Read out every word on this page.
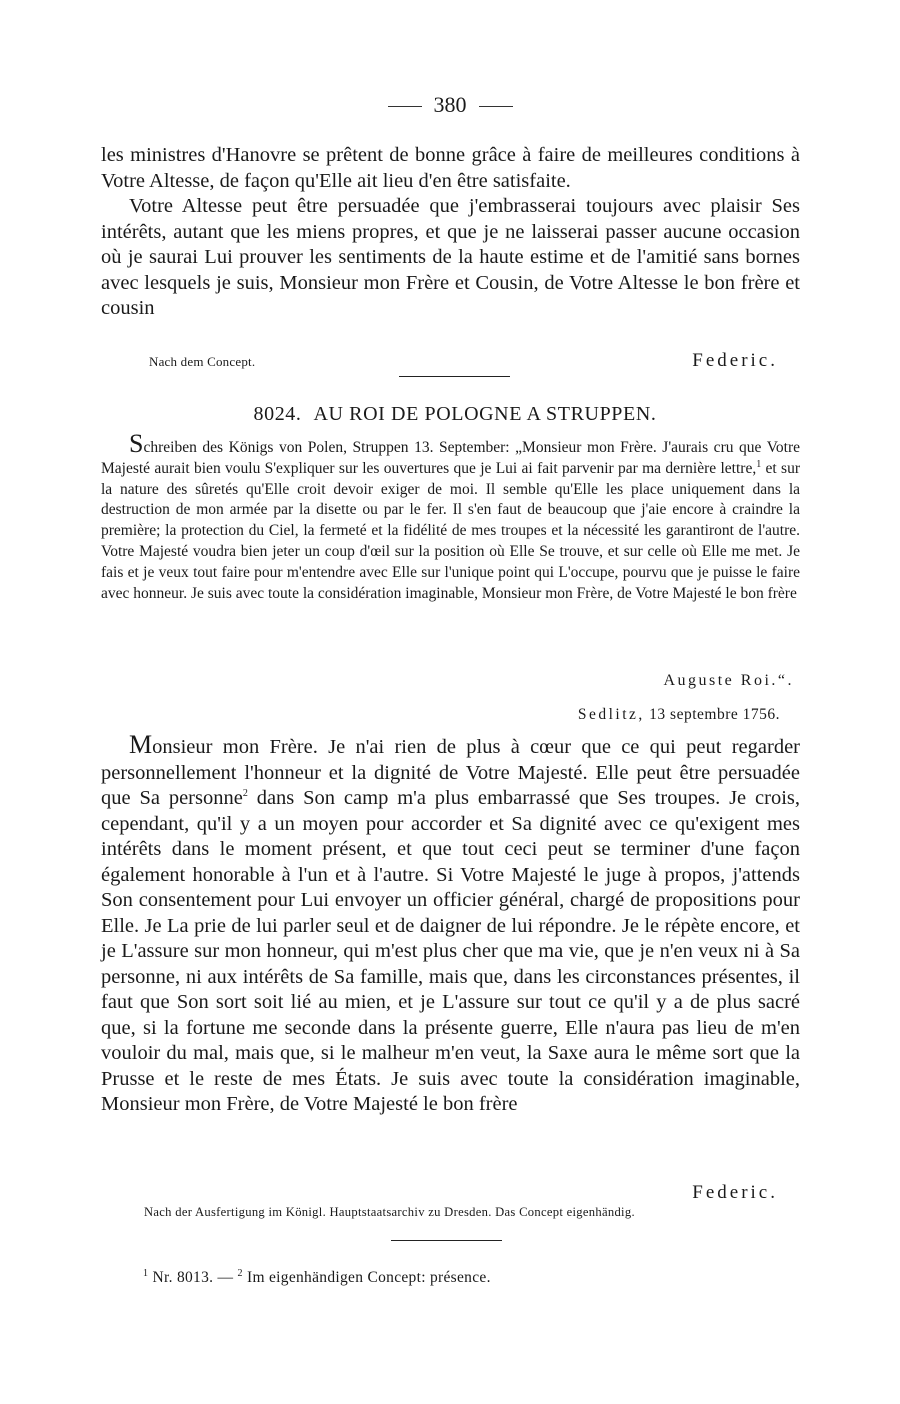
380

les ministres d'Hanovre se prêtent de bonne grâce à faire de meilleures conditions à Votre Altesse, de façon qu'Elle ait lieu d'en être satisfaite.

Votre Altesse peut être persuadée que j'embrasserai toujours avec plaisir Ses intérêts, autant que les miens propres, et que je ne laisserai passer aucune occasion où je saurai Lui prouver les sentiments de la haute estime et de l'amitié sans bornes avec lesquels je suis, Monsieur mon Frère et Cousin, de Votre Altesse le bon frère et cousin

Nach dem Concept.	Federic.
8024. AU ROI DE POLOGNE A STRUPPEN.

Schreiben des Königs von Polen, Struppen 13. September: „Monsieur mon Frère. J'aurais cru que Votre Majesté aurait bien voulu S'expliquer sur les ouvertures que je Lui ai fait parvenir par ma dernière lettre,$^1$ et sur la nature des sûretés qu'Elle croit devoir exiger de moi. Il semble qu'Elle les place uniquement dans la destruction de mon armée par la disette ou par le fer. Il s'en faut de beaucoup que j'aie encore à craindre la première; la protection du Ciel, la fermeté et la fidélité de mes troupes et la nécessité les garantiront de l'autre. Votre Majesté voudra bien jeter un coup d'œil sur la position où Elle Se trouve, et sur celle où Elle me met. Je fais et je veux tout faire pour m'entendre avec Elle sur l'unique point qui L'occupe, pourvu que je puisse le faire avec honneur. Je suis avec toute la considération imaginable, Monsieur mon Frère, de Votre Majesté le bon frère

Auguste Roi.“.
Sedlitz, 13 septembre 1756.

Monsieur mon Frère. Je n'ai rien de plus à cœur que ce qui peut regarder personnellement l'honneur et la dignité de Votre Majesté. Elle peut être persuadée que Sa personne$^2$ dans Son camp m'a plus embarrassé que Ses troupes. Je crois, cependant, qu'il y a un moyen pour accorder et Sa dignité avec ce qu'exigent mes intérêts dans le moment présent, et que tout ceci peut se terminer d'une façon également honorable à l'un et à l'autre. Si Votre Majesté le juge à propos, j'attends Son consentement pour Lui envoyer un officier général, chargé de propositions pour Elle. Je La prie de lui parler seul et de daigner de lui répondre. Je le répète encore, et je L'assure sur mon honneur, qui m'est plus cher que ma vie, que je n'en veux ni à Sa personne, ni aux intérêts de Sa famille, mais que, dans les circonstances présentes, il faut que Son sort soit lié au mien, et je L'assure sur tout ce qu'il y a de plus sacré que, si la fortune me seconde dans la présente guerre, Elle n'aura pas lieu de m'en vouloir du mal, mais que, si le malheur m'en veut, la Saxe aura le même sort que la Prusse et le reste de mes États. Je suis avec toute la considération imaginable, Monsieur mon Frère, de Votre Majesté le bon frère

Federic.
Nach der Ausfertigung im Königl. Hauptstaatsarchiv zu Dresden. Das Concept eigenhändig.
$^1$ Nr. 8013. — $^2$ Im eigenhändigen Concept: présence.
